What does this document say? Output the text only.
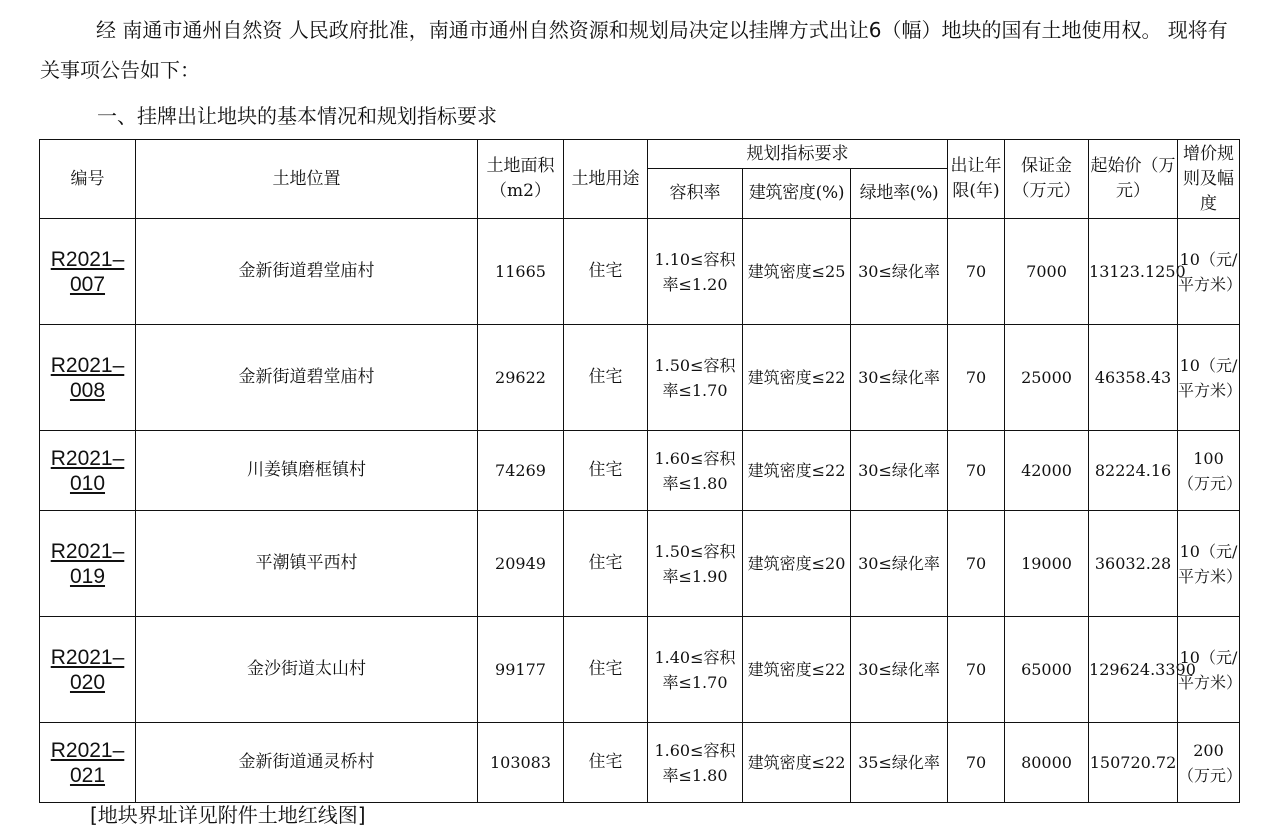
经 南通市通州自然资 人民政府批准，南通市通州自然资源和规划局决定以挂牌方式出让6（幅）地块的国有土地使用权。 现将有关事项公告如下：

一、挂牌出让地块的基本情况和规划指标要求

编号	土地位置	土地面积（m2）	土地用途	规划指标要求			出让年限(年)	保证金（万元）	起始价（万元）	增价规则及幅度
				容积率	建筑密度(%)	绿地率(%)				
R2021–007	金新街道碧堂庙村	11665	住宅	1.10≤容积率≤1.20	建筑密度≤25	30≤绿化率	70	7000	13123.1250	10（元/平方米）
R2021–008	金新街道碧堂庙村	29622	住宅	1.50≤容积率≤1.70	建筑密度≤22	30≤绿化率	70	25000	46358.43	10（元/平方米）
R2021–010	川姜镇磨框镇村	74269	住宅	1.60≤容积率≤1.80	建筑密度≤22	30≤绿化率	70	42000	82224.16	100（万元）
R2021–019	平潮镇平西村	20949	住宅	1.50≤容积率≤1.90	建筑密度≤20	30≤绿化率	70	19000	36032.28	10（元/平方米）
R2021–020	金沙街道太山村	99177	住宅	1.40≤容积率≤1.70	建筑密度≤22	30≤绿化率	70	65000	129624.3390	10（元/平方米）
R2021–021	金新街道通灵桥村	103083	住宅	1.60≤容积率≤1.80	建筑密度≤22	35≤绿化率	70	80000	150720.72	200（万元）
[地块界址详见附件土地红线图]
